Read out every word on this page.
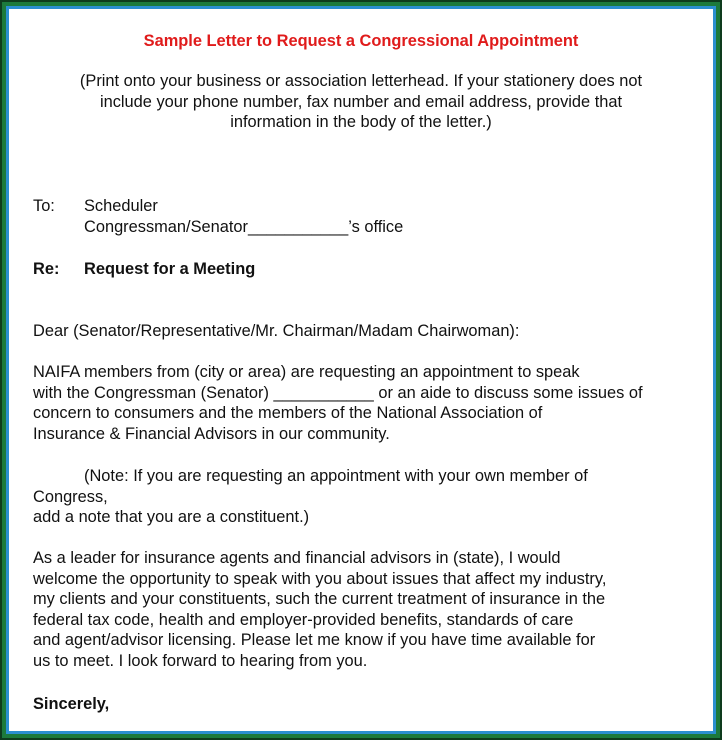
Sample Letter to Request a Congressional Appointment
(Print onto your business or association letterhead. If your stationery does not
include your phone number, fax number and email address, provide that
information in the body of the letter.)
To: Scheduler
Congressman/Senator___________’s office
Re: Request for a Meeting
Dear (Senator/Representative/Mr. Chairman/Madam Chairwoman):
NAIFA members from (city or area) are requesting an appointment to speak
with the Congressman (Senator) ___________ or an aide to discuss some issues of
concern to consumers and the members of the National Association of
Insurance & Financial Advisors in our community.
(Note: If you are requesting an appointment with your own member of
Congress,
add a note that you are a constituent.)
As a leader for insurance agents and financial advisors in (state), I would
welcome the opportunity to speak with you about issues that affect my industry,
my clients and your constituents, such the current treatment of insurance in the
federal tax code, health and employer-provided benefits, standards of care
and agent/advisor licensing. Please let me know if you have time available for
us to meet. I look forward to hearing from you.
Sincerely,
